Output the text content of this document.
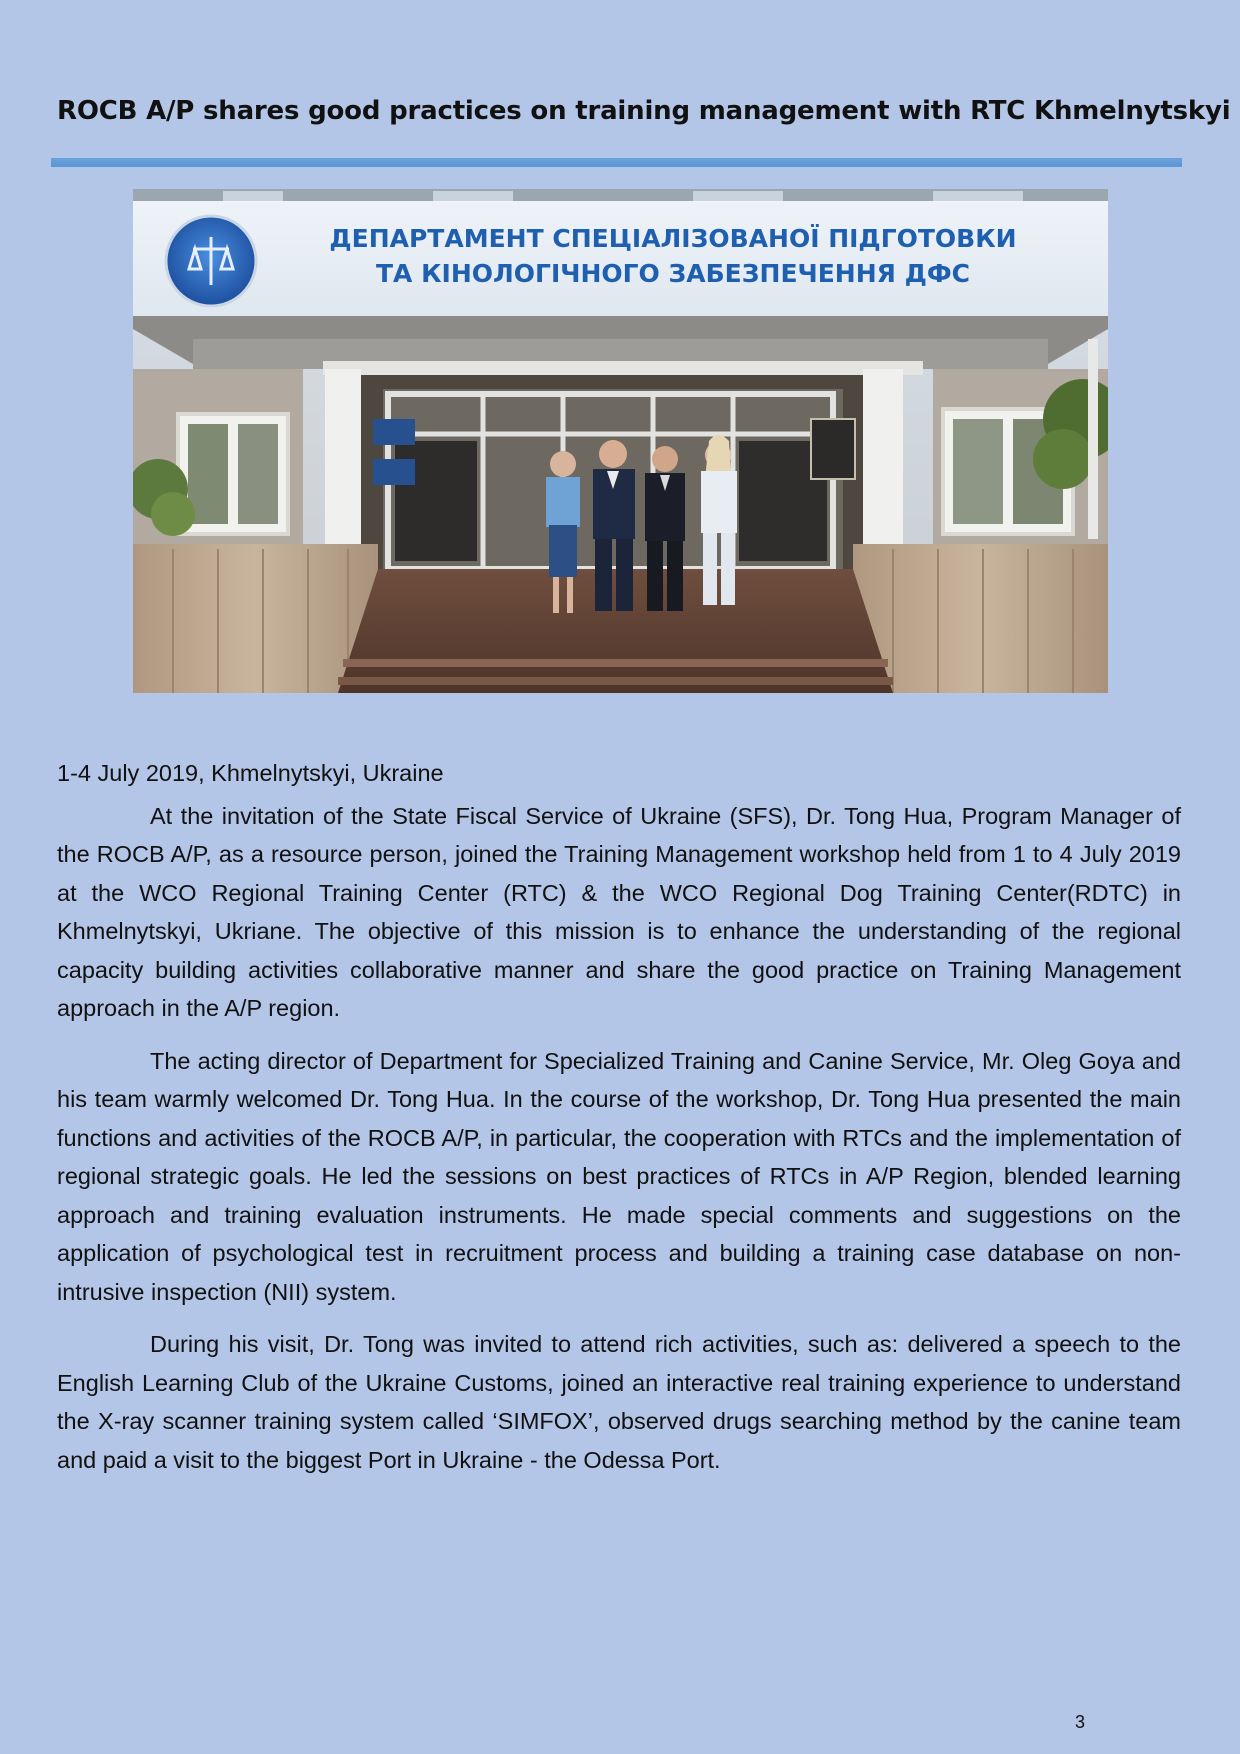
ROCB A/P shares good practices on training management with RTC Khmelnytskyi
ДЕПАРТАМЕНТ СПЕЦІАЛІЗОВАНОЇ ПІДГОТОВКИ
ТА КІНОЛОГІЧНОГО ЗАБЕЗПЕЧЕННЯ ДФС

1-4 July 2019, Khmelnytskyi, Ukraine

At the invitation of the State Fiscal Service of Ukraine (SFS), Dr. Tong Hua, Program Manager of the ROCB A/P, as a resource person, joined the Training Management workshop held from 1 to 4 July 2019 at the WCO Regional Training Center (RTC) & the WCO Regional Dog Training Center(RDTC) in Khmelnytskyi, Ukriane. The objective of this mission is to enhance the understanding of the regional capacity building activities collaborative manner and share the good practice on Training Management approach in the A/P region.

The acting director of Department for Specialized Training and Canine Service, Mr. Oleg Goya and his team warmly welcomed Dr. Tong Hua. In the course of the workshop, Dr. Tong Hua presented the main functions and activities of the ROCB A/P, in particular, the cooperation with RTCs and the implementation of regional strategic goals. He led the sessions on best practices of RTCs in A/P Region, blended learning approach and training evaluation instruments. He made special comments and suggestions on the application of psychological test in recruitment process and building a training case database on non-intrusive inspection (NII) system.

During his visit, Dr. Tong was invited to attend rich activities, such as: delivered a speech to the English Learning Club of the Ukraine Customs, joined an interactive real training experience to understand the X-ray scanner training system called ‘SIMFOX’, observed drugs searching method by the canine team and paid a visit to the biggest Port in Ukraine - the Odessa Port.

3
